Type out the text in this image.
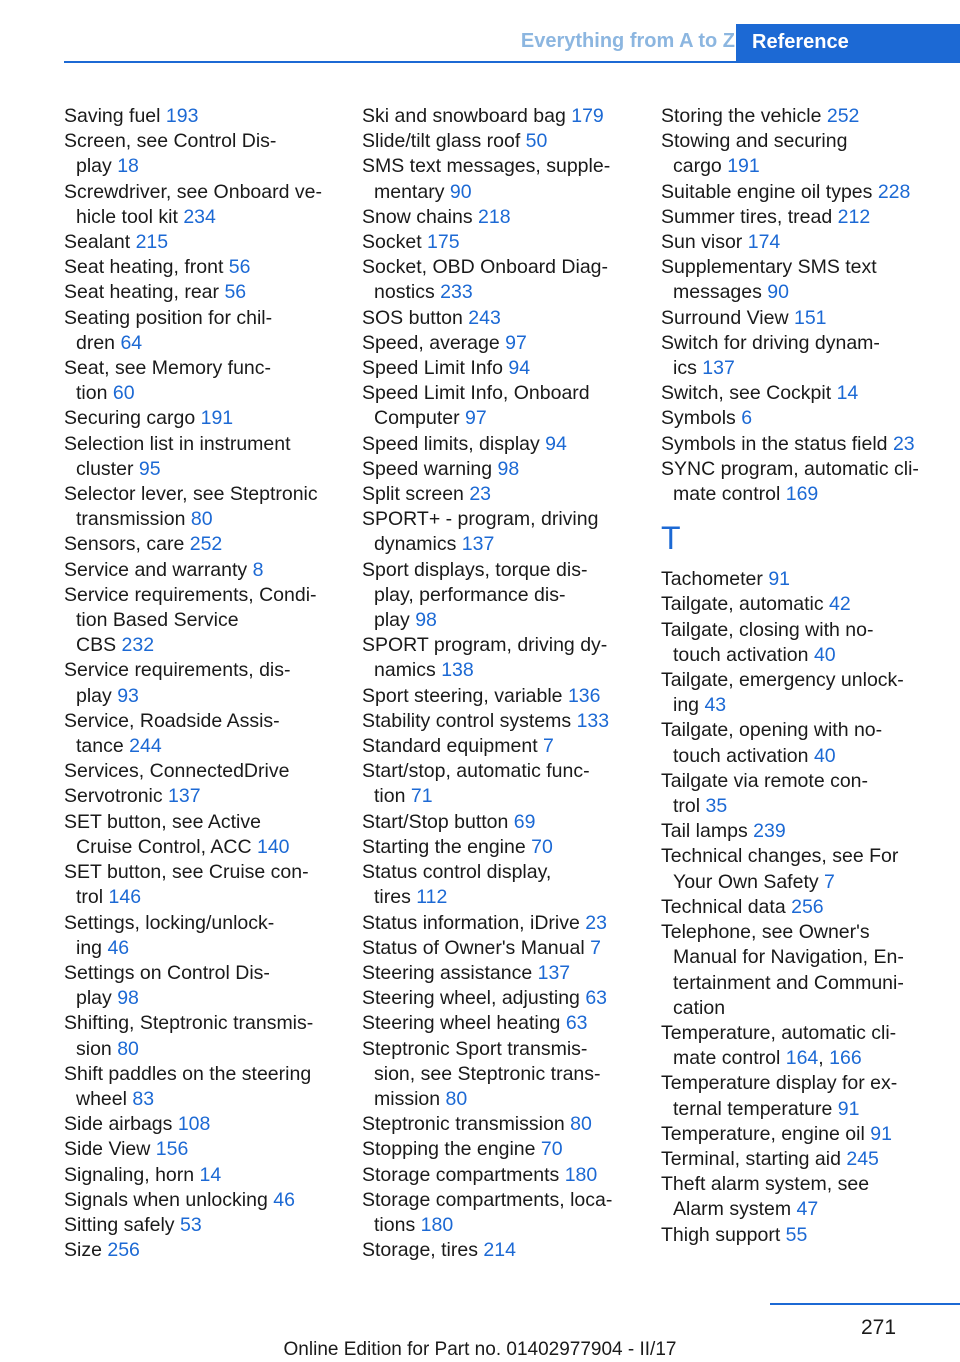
Everything from A to Z Reference
Saving fuel 193
Screen, see Control Dis-
play 18
Screwdriver, see Onboard ve-
hicle tool kit 234
Sealant 215
Seat heating, front 56
Seat heating, rear 56
Seating position for chil-
dren 64
Seat, see Memory func-
tion 60
Securing cargo 191
Selection list in instrument
cluster 95
Selector lever, see Steptronic
transmission 80
Sensors, care 252
Service and warranty 8
Service requirements, Condi-
tion Based Service
CBS 232
Service requirements, dis-
play 93
Service, Roadside Assis-
tance 244
Services, ConnectedDrive
Servotronic 137
SET button, see Active
Cruise Control, ACC 140
SET button, see Cruise con-
trol 146
Settings, locking/unlock-
ing 46
Settings on Control Dis-
play 98
Shifting, Steptronic transmis-
sion 80
Shift paddles on the steering
wheel 83
Side airbags 108
Side View 156
Signaling, horn 14
Signals when unlocking 46
Sitting safely 53
Size 256
Ski and snowboard bag 179
Slide/tilt glass roof 50
SMS text messages, supple-
mentary 90
Snow chains 218
Socket 175
Socket, OBD Onboard Diag-
nostics 233
SOS button 243
Speed, average 97
Speed Limit Info 94
Speed Limit Info, Onboard
Computer 97
Speed limits, display 94
Speed warning 98
Split screen 23
SPORT+ - program, driving
dynamics 137
Sport displays, torque dis-
play, performance dis-
play 98
SPORT program, driving dy-
namics 138
Sport steering, variable 136
Stability control systems 133
Standard equipment 7
Start/stop, automatic func-
tion 71
Start/Stop button 69
Starting the engine 70
Status control display,
tires 112
Status information, iDrive 23
Status of Owner's Manual 7
Steering assistance 137
Steering wheel, adjusting 63
Steering wheel heating 63
Steptronic Sport transmis-
sion, see Steptronic trans-
mission 80
Steptronic transmission 80
Stopping the engine 70
Storage compartments 180
Storage compartments, loca-
tions 180
Storage, tires 214
Storing the vehicle 252
Stowing and securing
cargo 191
Suitable engine oil types 228
Summer tires, tread 212
Sun visor 174
Supplementary SMS text
messages 90
Surround View 151
Switch for driving dynam-
ics 137
Switch, see Cockpit 14
Symbols 6
Symbols in the status field 23
SYNC program, automatic cli-
mate control 169
T
Tachometer 91
Tailgate, automatic 42
Tailgate, closing with no-
touch activation 40
Tailgate, emergency unlock-
ing 43
Tailgate, opening with no-
touch activation 40
Tailgate via remote con-
trol 35
Tail lamps 239
Technical changes, see For
Your Own Safety 7
Technical data 256
Telephone, see Owner's
Manual for Navigation, En-
tertainment and Communi-
cation
Temperature, automatic cli-
mate control 164, 166
Temperature display for ex-
ternal temperature 91
Temperature, engine oil 91
Terminal, starting aid 245
Theft alarm system, see
Alarm system 47
Thigh support 55
271
Online Edition for Part no. 01402977904 - II/17
